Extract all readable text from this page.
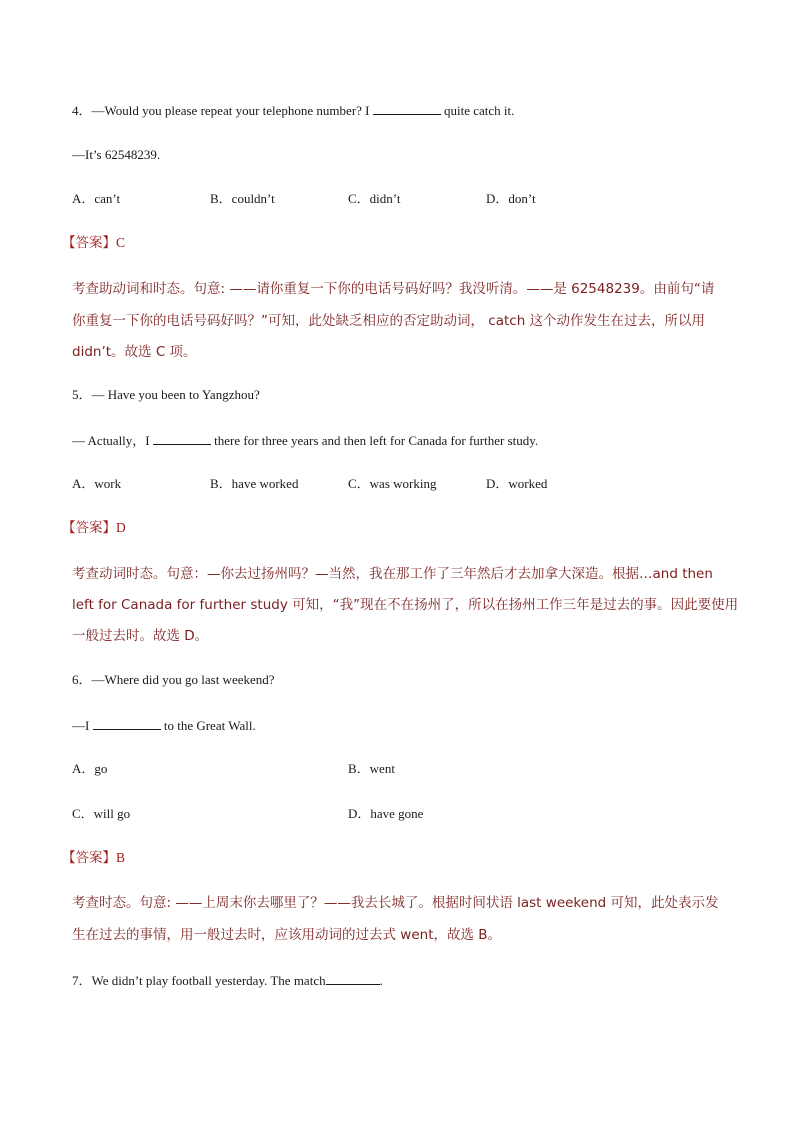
4．—Would you please repeat your telephone number? I	quite catch it.
—It’s 62548239.
A．can’t	B．couldn’t	C．didn’t	D．don’t
【答案】C
考查助动词和时态。句意: ——请你重复一下你的电话号码好吗？我没听清。——是 62548239。由前句“请
你重复一下你的电话号码好吗？”可知，此处缺乏相应的否定助动词， catch 这个动作发生在过去，所以用
didn’t。故选 C 项。
5．— Have you been to Yangzhou?
— Actually，I	there for three years and then left for Canada for further study.
A．work	B．have worked	C．was working	D．worked
【答案】D
考查动词时态。句意：—你去过扬州吗？—当然，我在那工作了三年然后才去加拿大深造。根据…and then
left for Canada for further study 可知，“我”现在不在扬州了，所以在扬州工作三年是过去的事。因此要使用
一般过去时。故选 D。
6．—Where did you go last weekend?
—I	to the Great Wall.
A．go	B．went
C．will go	D．have gone
【答案】B
考查时态。句意: ——上周末你去哪里了？——我去长城了。根据时间状语 last weekend 可知，此处表示发
生在过去的事情，用一般过去时，应该用动词的过去式 went，故选 B。
7．We didn’t play football yesterday. The match	.
